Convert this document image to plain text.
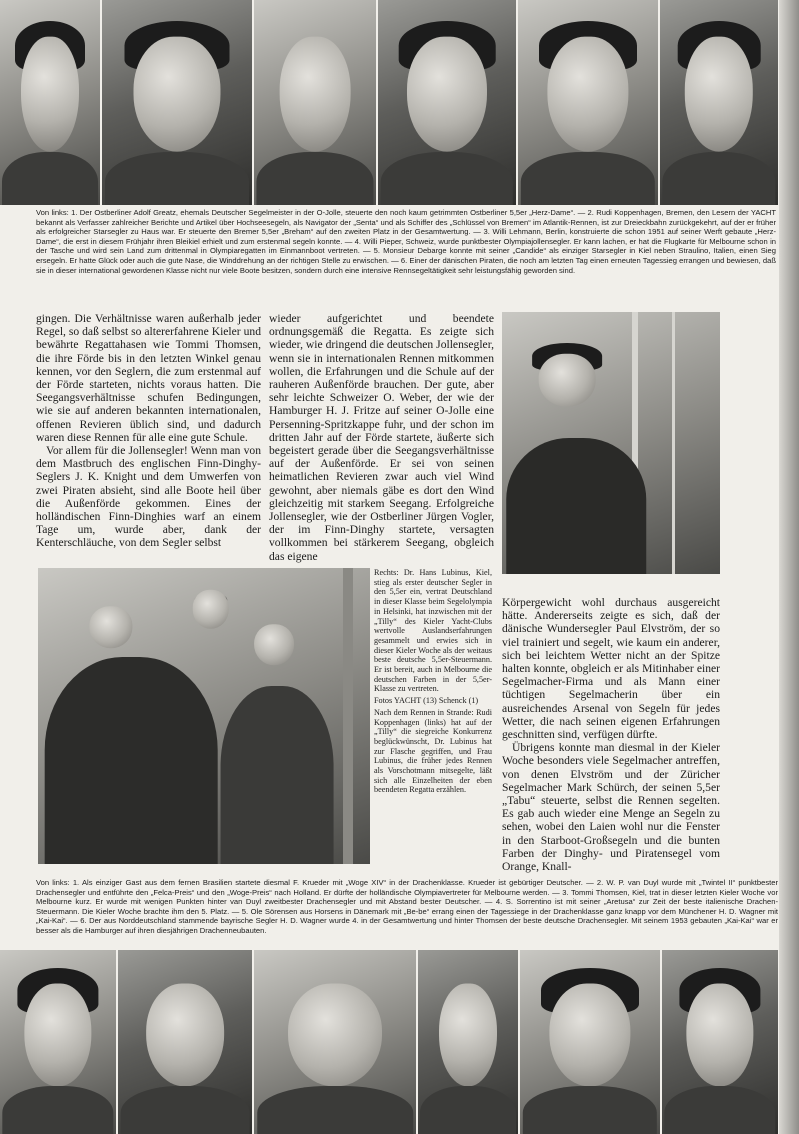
Von links: 1. Der Ostberliner Adolf Greatz, ehemals Deutscher Segelmeister in der O-Jolle, steuerte den noch kaum getrimmten Ostberliner 5,5er „Herz-Dame“. — 2. Rudi Koppenhagen, Bremen, den Lesern der YACHT bekannt als Verfasser zahlreicher Berichte und Artikel über Hochseesegeln, als Navigator der „Senta“ und als Schiffer des „Schlüssel von Bremen“ im Atlantik-Rennen, ist zur Dreieckbahn zurückgekehrt, auf der er früher als erfolgreicher Starsegler zu Haus war. Er steuerte den Bremer 5,5er „Breham“ auf den zweiten Platz in der Gesamtwertung. — 3. Willi Lehmann, Berlin, konstruierte die schon 1951 auf seiner Werft gebaute „Herz-Dame“, die erst in diesem Frühjahr ihren Bleikiel erhielt und zum erstenmal segeln konnte. — 4. Willi Pieper, Schweiz, wurde punktbester Olympiajollensegler. Er kann lachen, er hat die Flugkarte für Melbourne schon in der Tasche und wird sein Land zum drittenmal in Olympiaregatten im Einmannboot vertreten. — 5. Monsieur Debarge konnte mit seiner „Candide“ als einziger Starsegler in Kiel neben Straulino, Italien, einen Sieg ersegeln. Er hatte Glück oder auch die gute Nase, die Winddrehung an der richtigen Stelle zu erwischen. — 6. Einer der dänischen Piraten, die noch am letzten Tag einen erneuten Tagessieg errangen und bewiesen, daß sie in dieser international gewordenen Klasse nicht nur viele Boote besitzen, sondern durch eine intensive Rennsegeltätigkeit sehr leistungsfähig geworden sind.

gingen. Die Verhältnisse waren außerhalb jeder Regel, so daß selbst so altererfahrene Kieler und bewährte Regattahasen wie Tommi Thomsen, die ihre Förde bis in den letzten Winkel genau kennen, vor den Seglern, die zum erstenmal auf der Förde starteten, nichts voraus hatten. Die Seegangsverhältnisse schufen Bedingungen, wie sie auf anderen bekannten internationalen, offenen Revieren üblich sind, und dadurch waren diese Rennen für alle eine gute Schule.

Vor allem für die Jollensegler! Wenn man von dem Mastbruch des englischen Finn-Dinghy-Seglers J. K. Knight und dem Umwerfen von zwei Piraten absieht, sind alle Boote heil über die Außenförde gekommen. Eines der holländischen Finn-Dinghies warf an einem Tage um, wurde aber, dank der Kenterschläuche, von dem Segler selbst

wieder aufgerichtet und beendete ordnungsgemäß die Regatta. Es zeigte sich wieder, wie dringend die deutschen Jollensegler, wenn sie in internationalen Rennen mitkommen wollen, die Erfahrungen und die Schule auf der rauheren Außenförde brauchen. Der gute, aber sehr leichte Schweizer O. Weber, der wie der Hamburger H. J. Fritze auf seiner O-Jolle eine Persenning-Spritzkappe fuhr, und der schon im dritten Jahr auf der Förde startete, äußerte sich begeistert gerade über die Seegangsverhältnisse auf der Außenförde. Er sei von seinen heimatlichen Revieren zwar auch viel Wind gewohnt, aber niemals gäbe es dort den Wind gleichzeitig mit starkem Seegang. Erfolgreiche Jollensegler, wie der Ostberliner Jürgen Vogler, der im Finn-Dinghy startete, versagten vollkommen bei stärkerem Seegang, obgleich das eigene

Rechts: Dr. Hans Lubinus, Kiel, stieg als erster deutscher Segler in den 5,5er ein, vertrat Deutschland in dieser Klasse beim Segelolympia in Helsinki, hat inzwischen mit der „Tilly“ des Kieler Yacht-Clubs wertvolle Auslandserfahrungen gesammelt und erwies sich in dieser Kieler Woche als der weitaus beste deutsche 5,5er-Steuermann. Er ist bereit, auch in Melbourne die deutschen Farben in der 5,5er-Klasse zu vertreten.

Fotos YACHT (13) Schenck (1)

Nach dem Rennen in Strande: Rudi Koppenhagen (links) hat auf der „Tilly“ die siegreiche Konkurrenz beglückwünscht, Dr. Lubinus hat zur Flasche gegriffen, und Frau Lubinus, die früher jedes Rennen als Vorschotmann mitsegelte, läßt sich alle Einzelheiten der eben beendeten Regatta erzählen.

Körpergewicht wohl durchaus ausgereicht hätte. Andererseits zeigte es sich, daß der dänische Wundersegler Paul Elvström, der so viel trainiert und segelt, wie kaum ein anderer, sich bei leichtem Wetter nicht an der Spitze halten konnte, obgleich er als Mitinhaber einer Segelmacher-Firma und als Mann einer tüchtigen Segelmacherin über ein ausreichendes Arsenal von Segeln für jedes Wetter, die nach seinen eigenen Erfahrungen geschnitten sind, verfügen dürfte.

Übrigens konnte man diesmal in der Kieler Woche besonders viele Segelmacher antreffen, von denen Elvström und der Züricher Segelmacher Mark Schürch, der seinen 5,5er „Tabu“ steuerte, selbst die Rennen segelten. Es gab auch wieder eine Menge an Segeln zu sehen, wobei den Laien wohl nur die Fenster in den Starboot-Großsegeln und die bunten Farben der Dinghy- und Piratensegel vom Orange, Knall-

Von links: 1. Als einziger Gast aus dem fernen Brasilien startete diesmal F. Krueder mit „Woge XIV“ in der Drachenklasse. Krueder ist gebürtiger Deutscher. — 2. W. P. van Duyl wurde mit „Twintel II“ punktbester Drachensegler und entführte den „Felca-Preis“ und den „Woge-Preis“ nach Holland. Er dürfte der holländische Olympiavertreter für Melbourne werden. — 3. Tommi Thomsen, Kiel, trat in dieser letzten Kieler Woche vor Melbourne kurz. Er wurde mit wenigen Punkten hinter van Duyl zweitbester Drachensegler und mit Abstand bester Deutscher. — 4. S. Sorrentino ist mit seiner „Aretusa“ zur Zeit der beste italienische Drachen-Steuermann. Die Kieler Woche brachte ihm den 5. Platz. — 5. Ole Sörensen aus Horsens in Dänemark mit „Be-be“ errang einen der Tagessiege in der Drachenklasse ganz knapp vor dem Münchener H. D. Wagner mit „Kai-Kai“. — 6. Der aus Norddeutschland stammende bayrische Segler H. D. Wagner wurde 4. in der Gesamtwertung und hinter Thomsen der beste deutsche Drachensegler. Mit seinem 1953 gebauten „Kai-Kai“ war er besser als die Hamburger auf ihren diesjährigen Drachenneubauten.
